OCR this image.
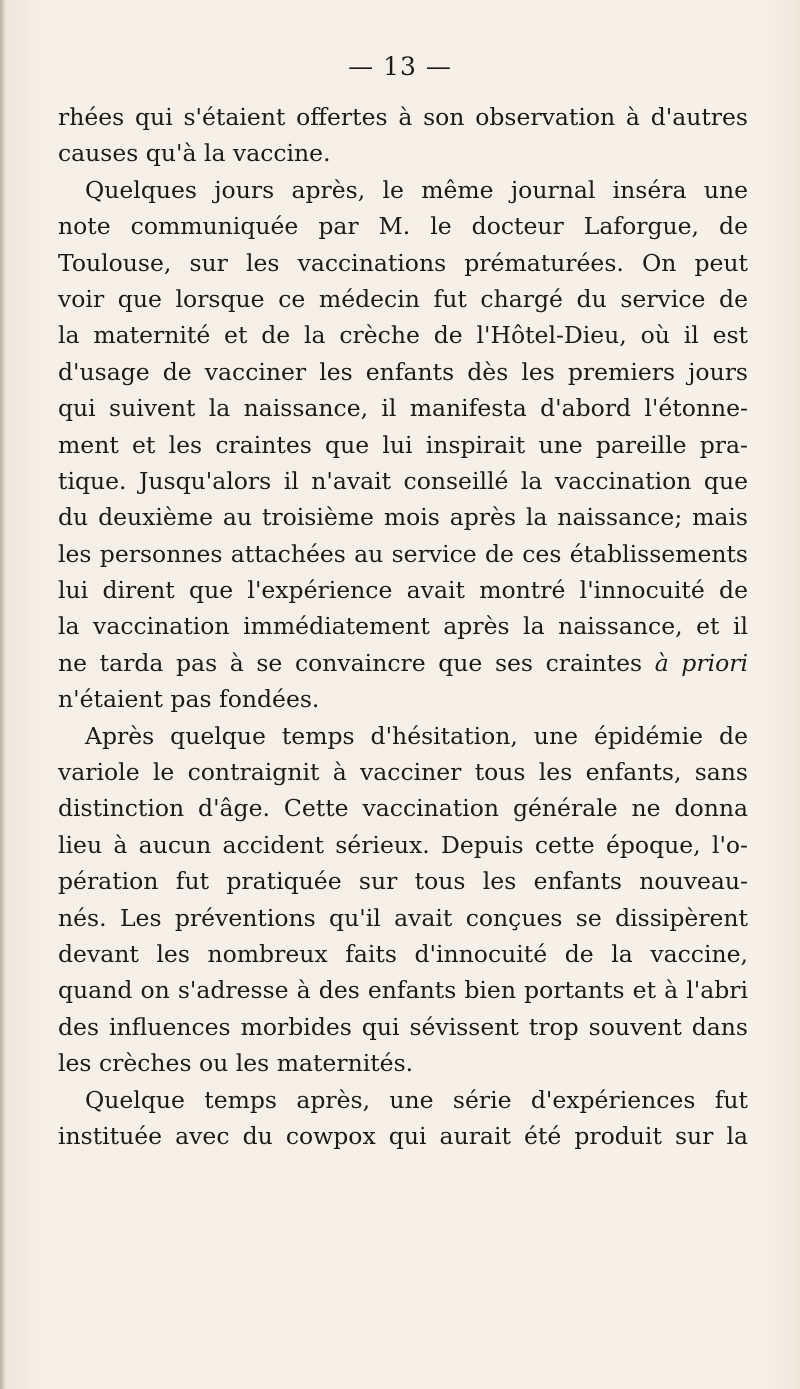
— 13 —
rhées qui s'étaient offertes à son observation à d'autres
causes qu'à la vaccine.
Quelques jours après, le même journal inséra une
note communiquée par M. le docteur Laforgue, de
Toulouse, sur les vaccinations prématurées. On peut
voir que lorsque ce médecin fut chargé du service de
la maternité et de la crèche de l'Hôtel-Dieu, où il est
d'usage de vacciner les enfants dès les premiers jours
qui suivent la naissance, il manifesta d'abord l'étonne-
ment et les craintes que lui inspirait une pareille pra-
tique. Jusqu'alors il n'avait conseillé la vaccination que
du deuxième au troisième mois après la naissance; mais
les personnes attachées au service de ces établissements
lui dirent que l'expérience avait montré l'innocuité de
la vaccination immédiatement après la naissance, et il
ne tarda pas à se convaincre que ses craintes à priori
n'étaient pas fondées.
Après quelque temps d'hésitation, une épidémie de
variole le contraignit à vacciner tous les enfants, sans
distinction d'âge. Cette vaccination générale ne donna
lieu à aucun accident sérieux. Depuis cette époque, l'o-
pération fut pratiquée sur tous les enfants nouveau-
nés. Les préventions qu'il avait conçues se dissipèrent
devant les nombreux faits d'innocuité de la vaccine,
quand on s'adresse à des enfants bien portants et à l'abri
des influences morbides qui sévissent trop souvent dans
les crèches ou les maternités.
Quelque temps après, une série d'expériences fut
instituée avec du cowpox qui aurait été produit sur la
